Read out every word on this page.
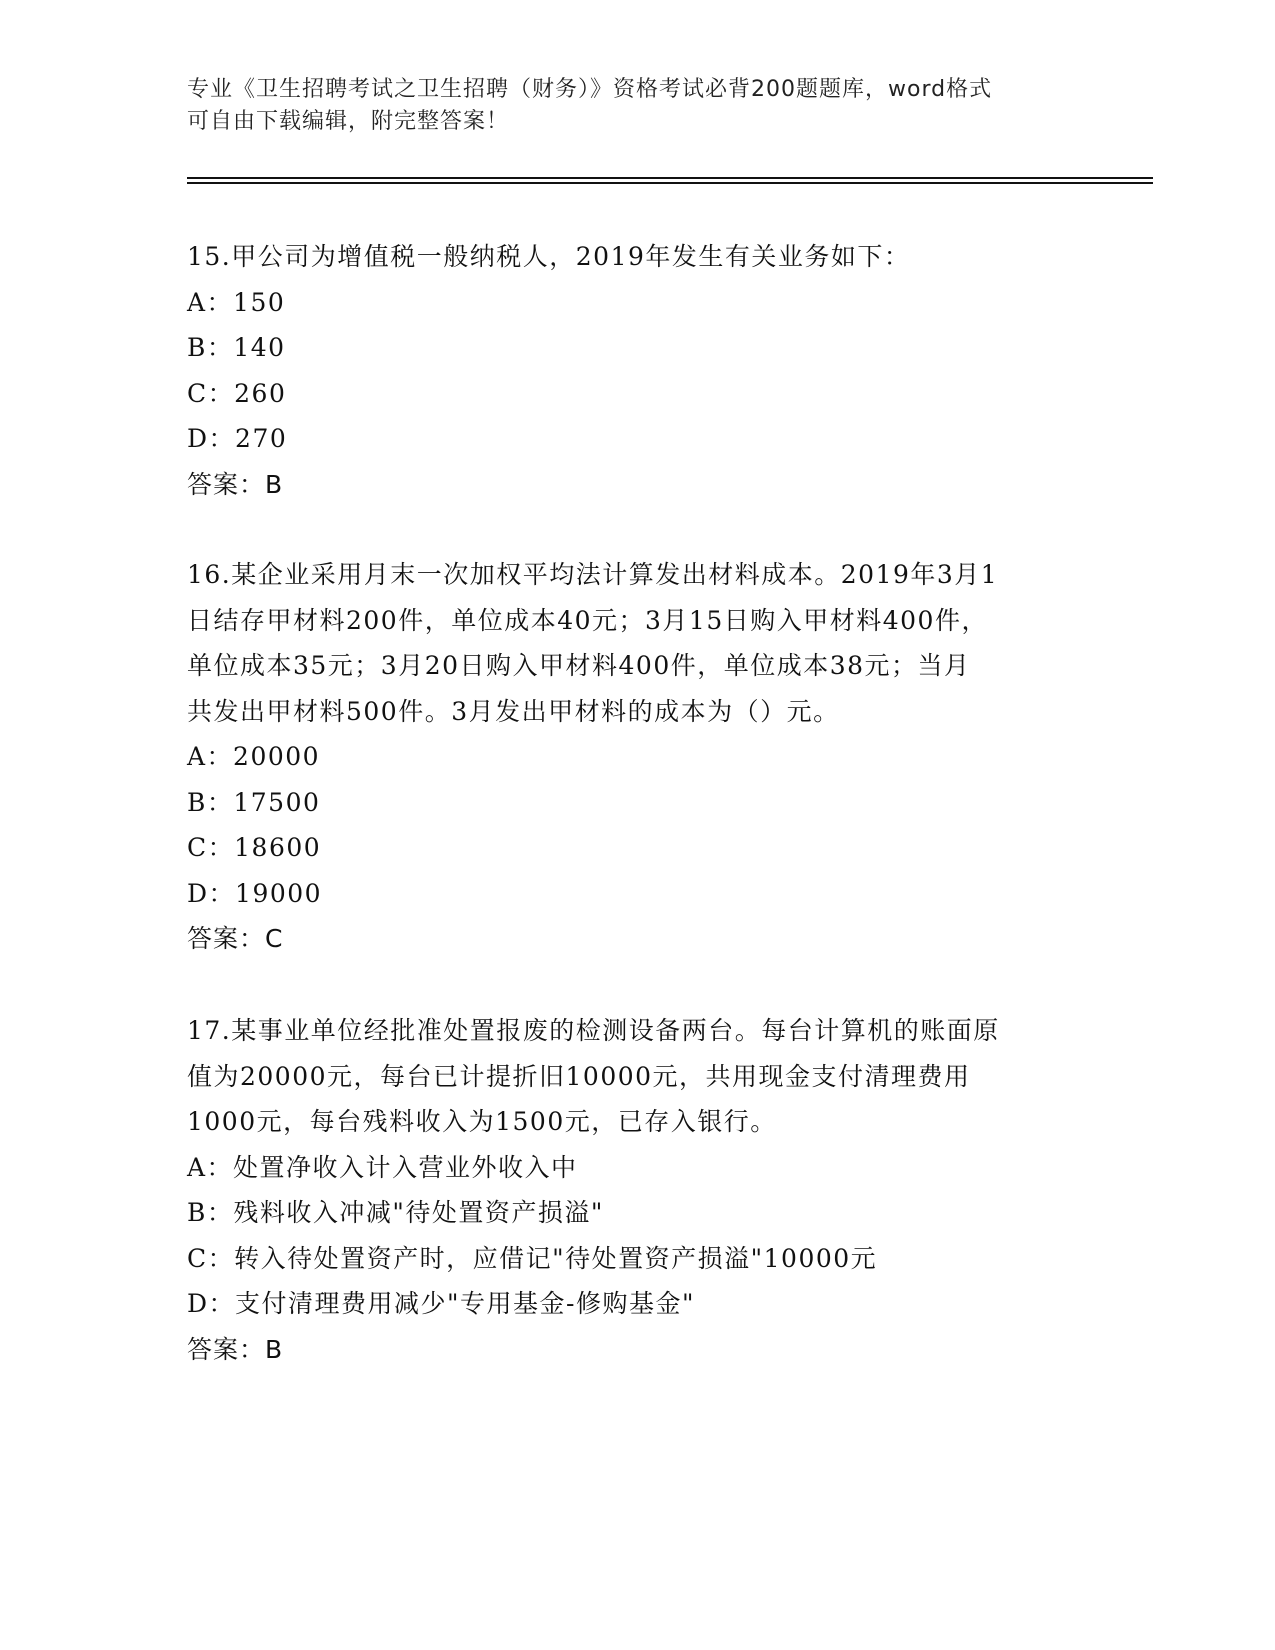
专业《卫生招聘考试之卫生招聘（财务）》资格考试必背200题题库，word格式
可自由下载编辑，附完整答案！
15.甲公司为增值税一般纳税人，2019年发生有关业务如下：
A：150
B：140
C：260
D：270
答案：B
16.某企业采用月末一次加权平均法计算发出材料成本。2019年3月1
日结存甲材料200件，单位成本40元；3月15日购入甲材料400件，
单位成本35元；3月20日购入甲材料400件，单位成本38元；当月
共发出甲材料500件。3月发出甲材料的成本为（）元。
A：20000
B：17500
C：18600
D：19000
答案：C
17.某事业单位经批准处置报废的检测设备两台。每台计算机的账面原
值为20000元，每台已计提折旧10000元，共用现金支付清理费用
1000元，每台残料收入为1500元，已存入银行。
A：处置净收入计入营业外收入中
B：残料收入冲减"待处置资产损溢"
C：转入待处置资产时，应借记"待处置资产损溢"10000元
D：支付清理费用减少"专用基金-修购基金"
答案：B
